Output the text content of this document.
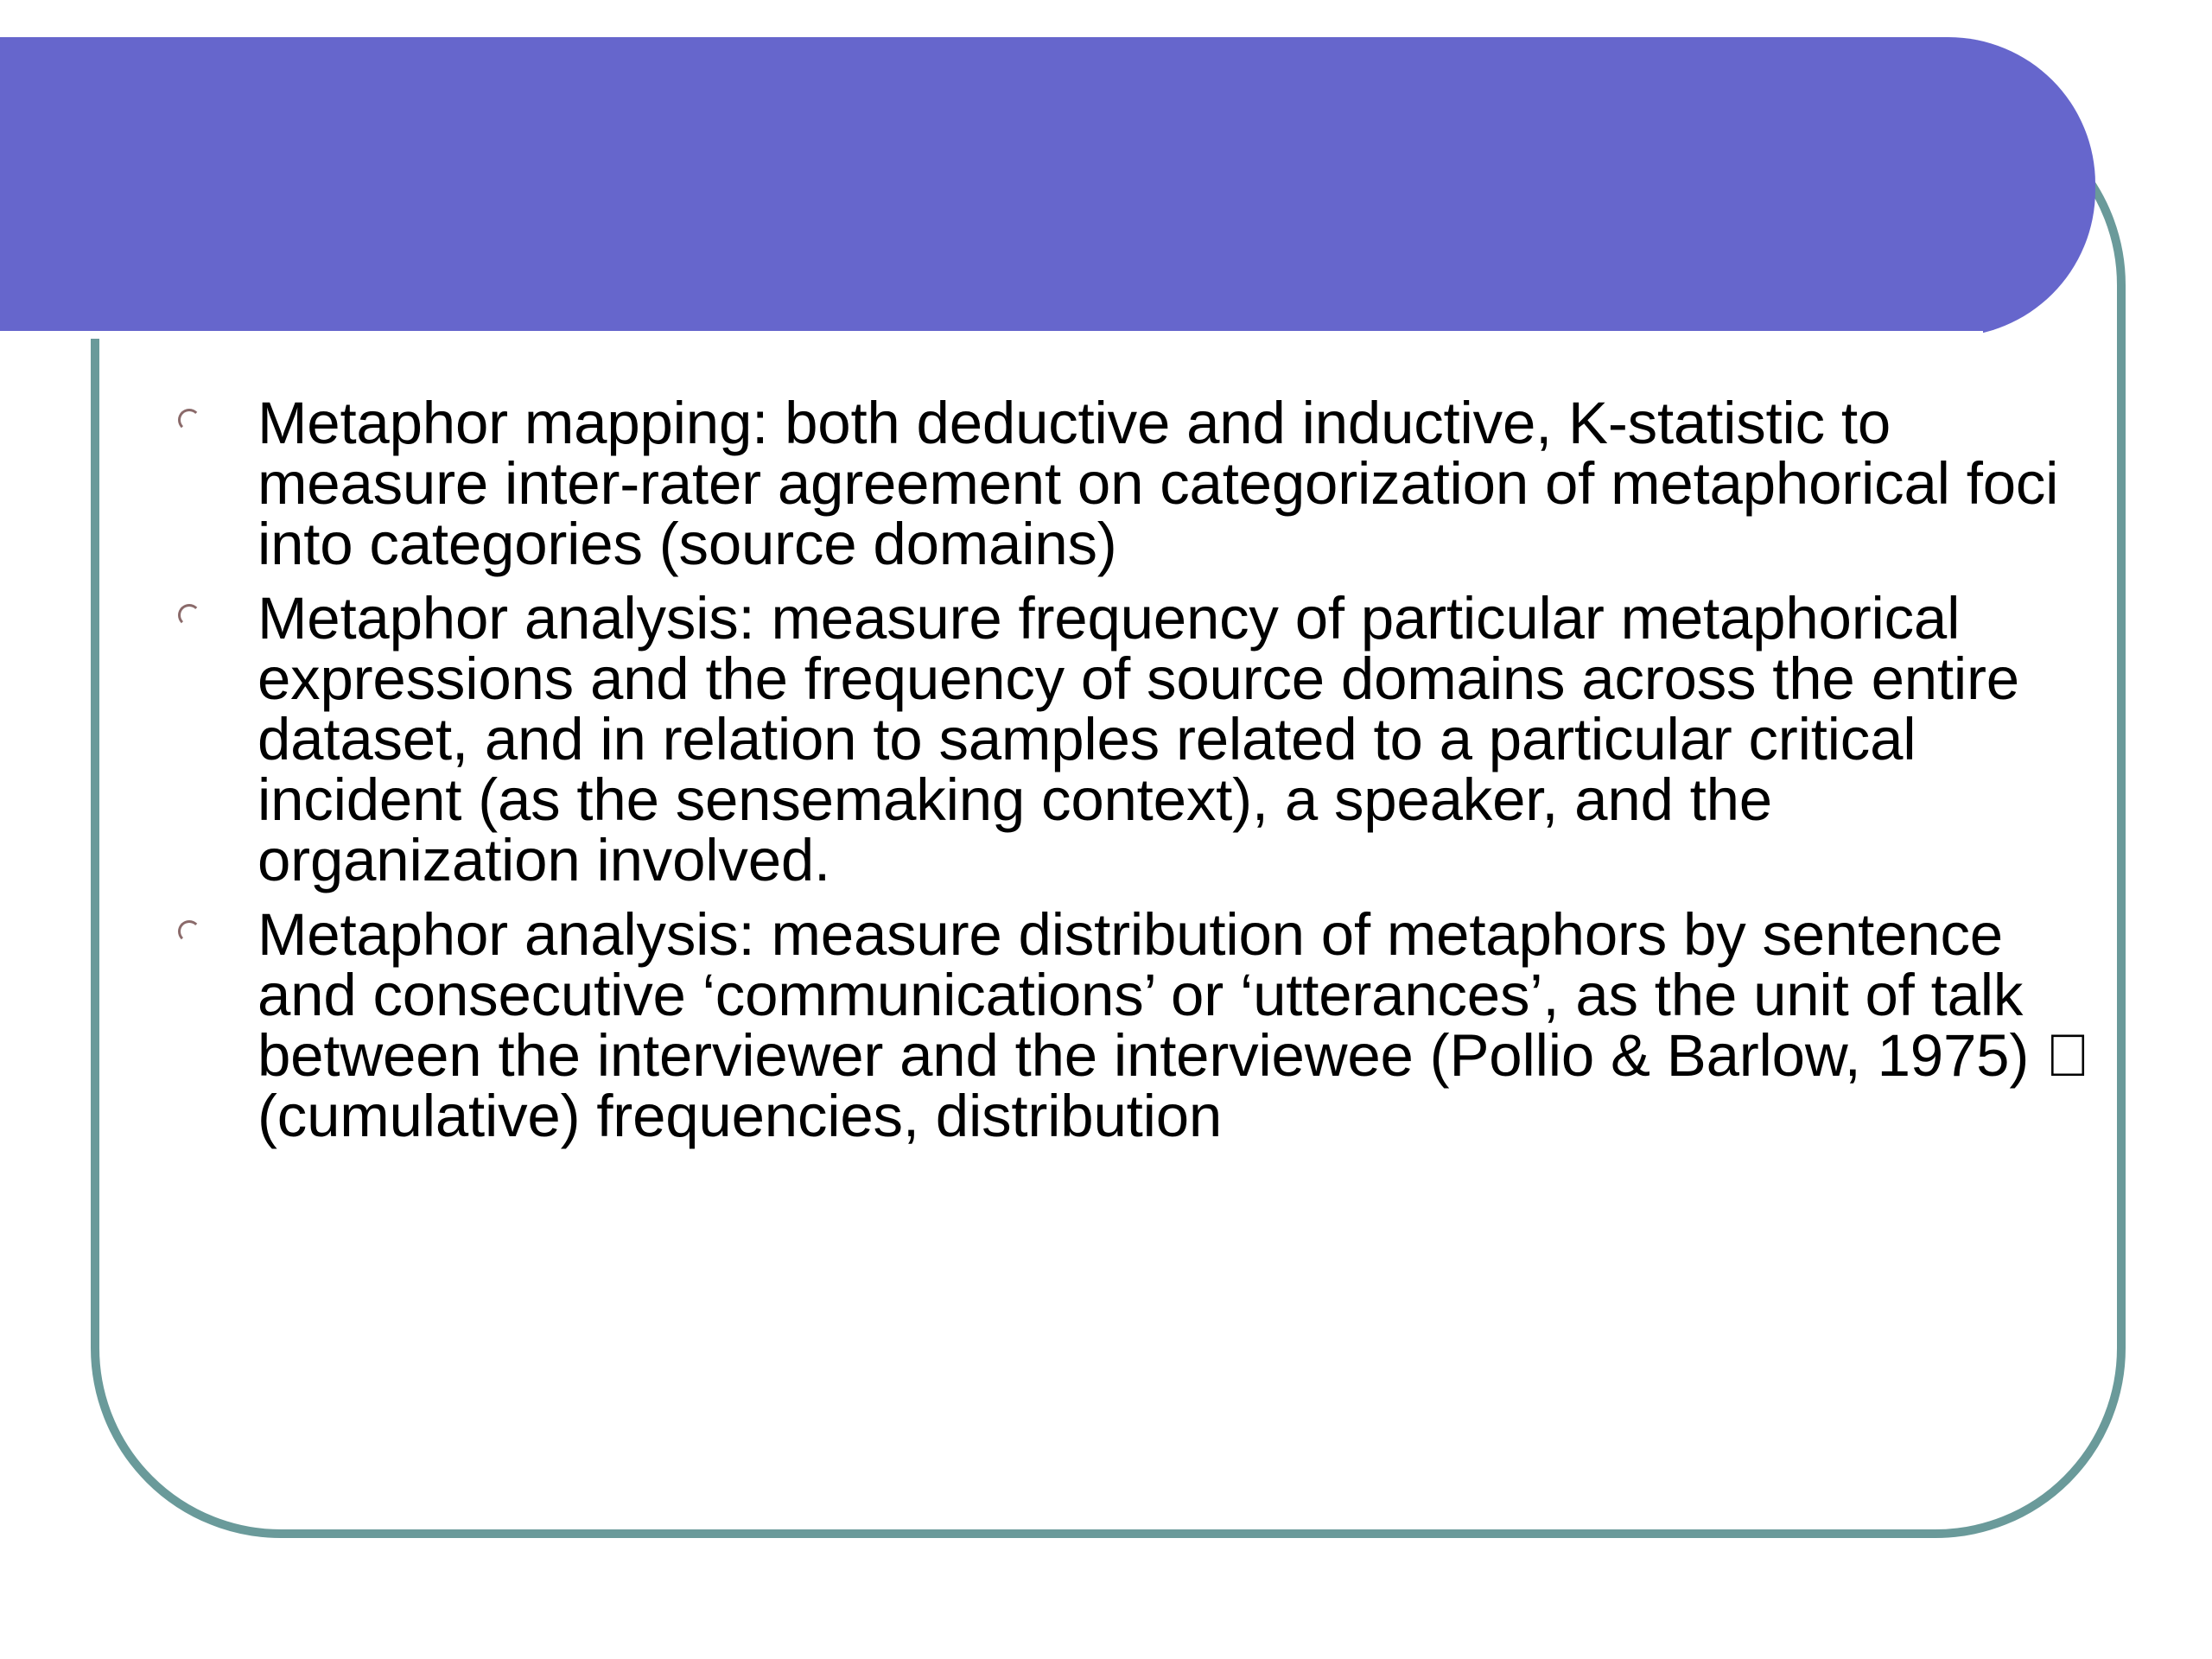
Metaphor mapping: both deductive and inductive, K-statistic to measure inter-rater agreement on categorization of metaphorical foci into categories (source domains)
Metaphor analysis: measure frequency of particular metaphorical expressions and the frequency of source domains across the entire dataset, and in relation to samples related to a particular critical incident (as the sensemaking context), a speaker, and the organization involved.
Metaphor analysis: measure distribution of metaphors by sentence and consecutive ‘communications’ or ‘utterances’, as the unit of talk between the interviewer and the interviewee (Pollio & Barlow, 1975) (cumulative) frequencies, distribution
